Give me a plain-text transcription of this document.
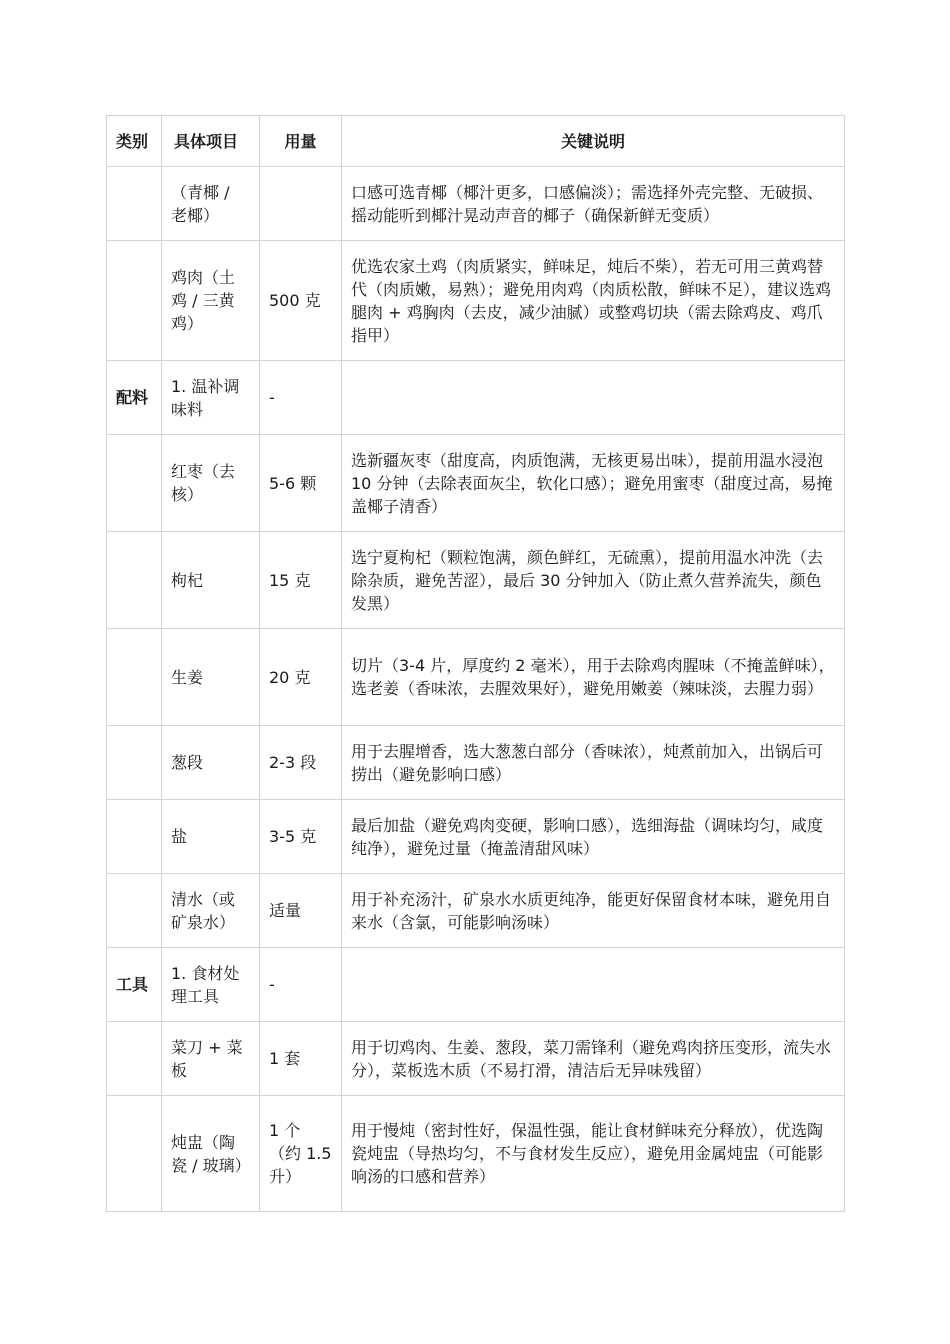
类别	具体项目	用量	关键说明
	（青椰 / 老椰）		口感可选青椰（椰汁更多，口感偏淡）；需选择外壳完整、无破损、摇动能听到椰汁晃动声音的椰子（确保新鲜无变质）
	鸡肉（土鸡 / 三黄鸡）	500 克	优选农家土鸡（肉质紧实，鲜味足，炖后不柴），若无可用三黄鸡替代（肉质嫩，易熟）；避免用肉鸡（肉质松散，鲜味不足），建议选鸡腿肉 + 鸡胸肉（去皮，减少油腻）或整鸡切块（需去除鸡皮、鸡爪指甲）
配料	1. 温补调味料	-	
	红枣（去核）	5-6 颗	选新疆灰枣（甜度高，肉质饱满，无核更易出味），提前用温水浸泡 10 分钟（去除表面灰尘，软化口感）；避免用蜜枣（甜度过高，易掩盖椰子清香）
	枸杞	15 克	选宁夏枸杞（颗粒饱满，颜色鲜红，无硫熏），提前用温水冲洗（去除杂质，避免苦涩），最后 30 分钟加入（防止煮久营养流失，颜色发黑）
	生姜	20 克	切片（3-4 片，厚度约 2 毫米），用于去除鸡肉腥味（不掩盖鲜味），选老姜（香味浓，去腥效果好），避免用嫩姜（辣味淡，去腥力弱）
	葱段	2-3 段	用于去腥增香，选大葱葱白部分（香味浓），炖煮前加入，出锅后可捞出（避免影响口感）
	盐	3-5 克	最后加盐（避免鸡肉变硬，影响口感），选细海盐（调味均匀，咸度纯净），避免过量（掩盖清甜风味）
	清水（或矿泉水）	适量	用于补充汤汁，矿泉水水质更纯净，能更好保留食材本味，避免用自来水（含氯，可能影响汤味）
工具	1. 食材处理工具	-	
	菜刀 + 菜板	1 套	用于切鸡肉、生姜、葱段，菜刀需锋利（避免鸡肉挤压变形，流失水分），菜板选木质（不易打滑，清洁后无异味残留）
	炖盅（陶瓷 / 玻璃）	1 个（约 1.5 升）	用于慢炖（密封性好，保温性强，能让食材鲜味充分释放），优选陶瓷炖盅（导热均匀，不与食材发生反应），避免用金属炖盅（可能影响汤的口感和营养）
